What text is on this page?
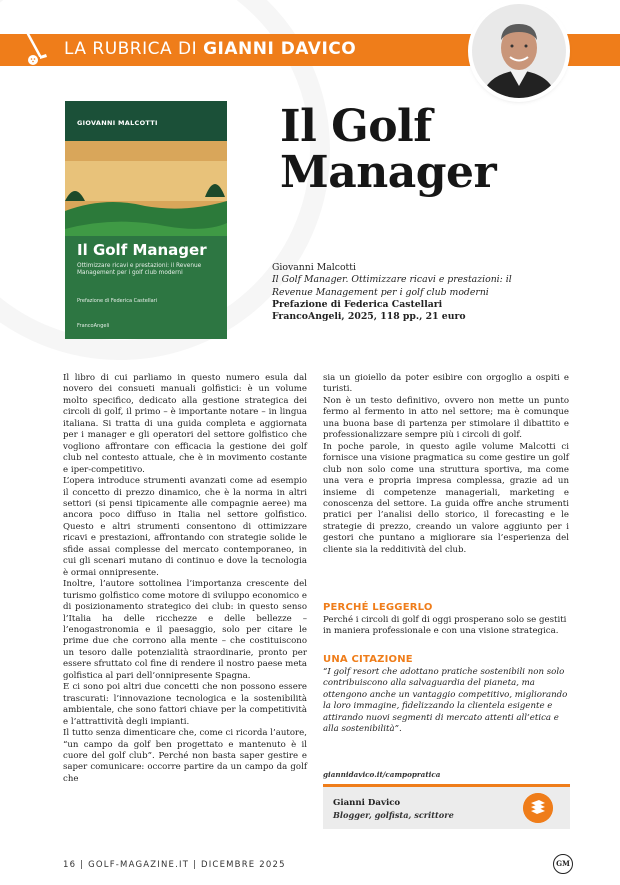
LA RUBRICA DI GIANNI DAVICO
GIOVANNI MALCOTTI
Il Golf Manager
Ottimizzare ricavi e prestazioni: il Revenue Management per i golf club moderni
Prefazione di Federica Castellari
FrancoAngeli
Il Golf
Manager
Giovanni Malcotti
Il Golf Manager. Ottimizzare ricavi e prestazioni: il Revenue Management per i golf club moderni
Prefazione di Federica Castellari
FrancoAngeli, 2025, 118 pp., 21 euro

Il libro di cui parliamo in questo numero esula dal novero dei consueti manuali golfistici: è un volume molto specifico, dedicato alla gestione strategica dei circoli di golf, il primo – è importante notare – in lingua italiana. Si tratta di una guida completa e aggiornata per i manager e gli operatori del settore golfistico che vogliono affrontare con efficacia la gestione dei golf club nel contesto attuale, che è in movimento costante e iper-competitivo.

L’opera introduce strumenti avanzati come ad esempio il concetto di prezzo dinamico, che è la norma in altri settori (si pensi tipicamente alle compagnie aeree) ma ancora poco diffuso in Italia nel settore golfistico. Questo e altri strumenti consentono di ottimizzare ricavi e prestazioni, affrontando con strategie solide le sfide assai complesse del mercato contemporaneo, in cui gli scenari mutano di continuo e dove la tecnologia è ormai onnipresente.

Inoltre, l’autore sottolinea l’importanza crescente del turismo golfistico come motore di sviluppo economico e di posizionamento strategico dei club: in questo senso l’Italia ha delle ricchezze e delle bellezze – l’enogastronomia e il paesaggio, solo per citare le prime due che corrono alla mente – che costituiscono un tesoro dalle potenzialità straordinarie, pronto per essere sfruttato col fine di rendere il nostro paese meta golfistica al pari dell’onnipresente Spagna.

E ci sono poi altri due concetti che non possono essere trascurati: l’innovazione tecnologica e la sostenibilità ambientale, che sono fattori chiave per la competitività e l’attrattività degli impianti.

Il tutto senza dimenticare che, come ci ricorda l’autore, “un campo da golf ben progettato e mantenuto è il cuore del golf club”. Perché non basta saper gestire e saper comunicare: occorre partire da un campo da golf che

sia un gioiello da poter esibire con orgoglio a ospiti e turisti.

Non è un testo definitivo, ovvero non mette un punto fermo al fermento in atto nel settore; ma è comunque una buona base di partenza per stimolare il dibattito e professionalizzare sempre più i circoli di golf.

In poche parole, in questo agile volume Malcotti ci fornisce una visione pragmatica su come gestire un golf club non solo come una struttura sportiva, ma come una vera e propria impresa complessa, grazie ad un insieme di competenze manageriali, marketing e conoscenza del settore. La guida offre anche strumenti pratici per l’analisi dello storico, il forecasting e le strategie di prezzo, creando un valore aggiunto per i gestori che puntano a migliorare sia l’esperienza del cliente sia la redditività del club.

PERCHÉ LEGGERLO
Perché i circoli di golf di oggi prosperano solo se gestiti in maniera professionale e con una visione strategica.
UNA CITAZIONE
“I golf resort che adottano pratiche sostenibili non solo contribuiscono alla salvaguardia del pianeta, ma ottengono anche un vantaggio competitivo, migliorando la loro immagine, fidelizzando la clientela esigente e attirando nuovi segmenti di mercato attenti all’etica e alla sostenibilità”.
giannidavico.it/campopratica
Gianni Davico
Blogger, golfista, scrittore
16 | GOLF-MAGAZINE.IT | DICEMBRE 2025	GM
